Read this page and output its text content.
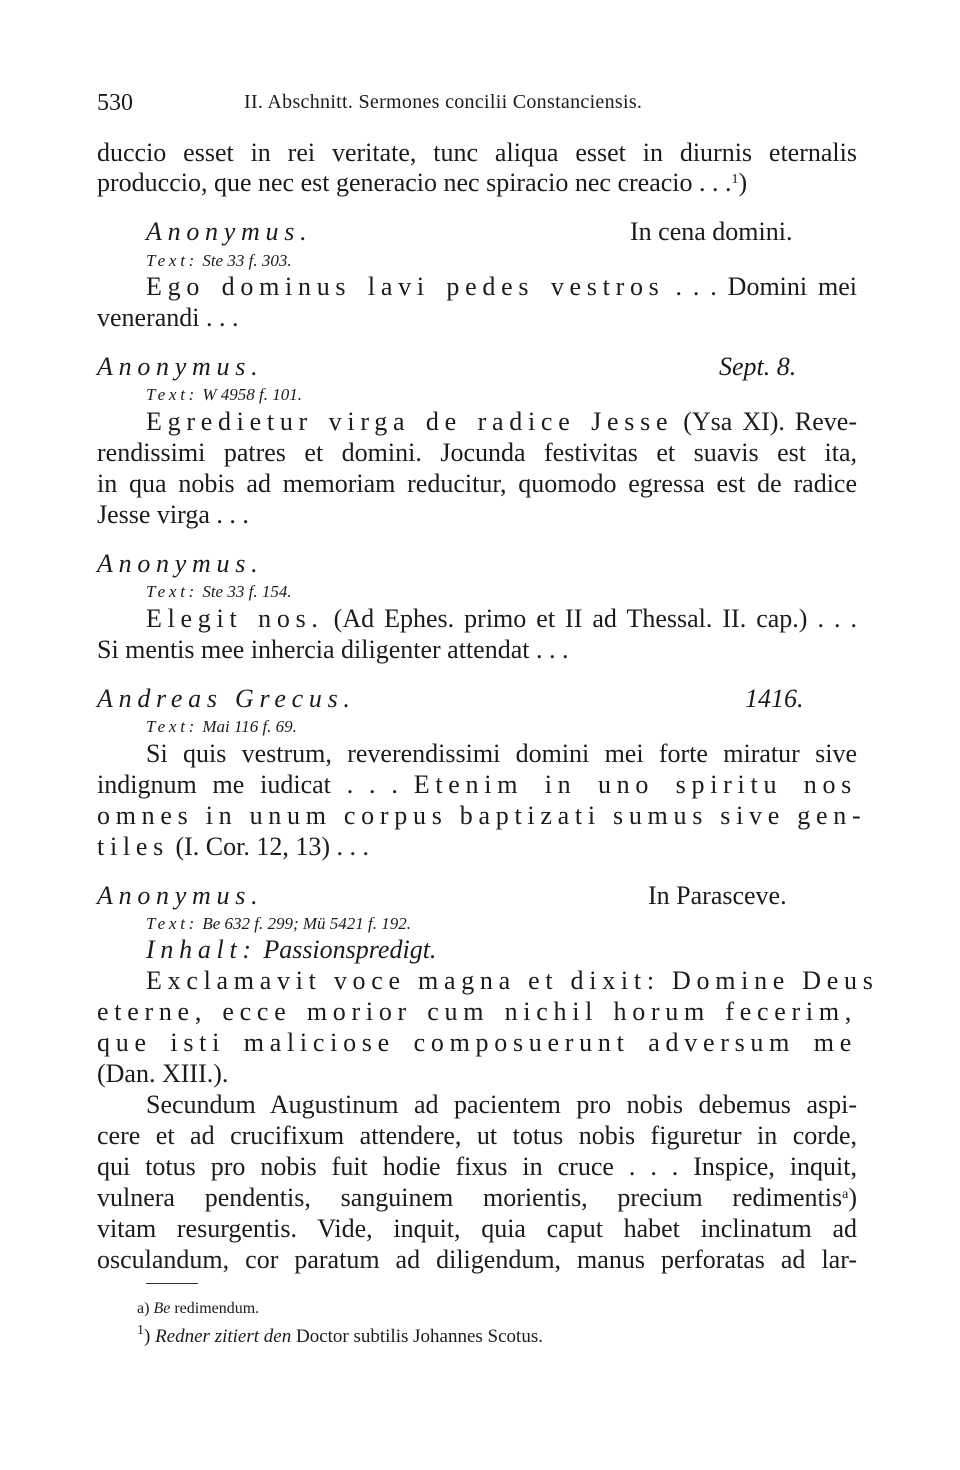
530	II. Abschnitt. Sermones concilii Constanciensis.
duccio esset in rei veritate, tunc aliqua esset in diurnis eternalis
produccio, que nec est generacio nec spiracio nec creacio . . .$^1$)
Anonymus.	In cena domini.
Text: Ste 33 f. 303.
Ego dominus lavi pedes vestros . . . Domini mei
venerandi . . .
Anonymus.	Sept. 8.
Text: W 4958 f. 101.
Egredietur virga de radice Jesse (Ysa XI). Reve-
rendissimi patres et domini. Jocunda festivitas et suavis est ita,
in qua nobis ad memoriam reducitur, quomodo egressa est de radice
Jesse virga . . .
Anonymus.
Text: Ste 33 f. 154.
Elegit nos. (Ad Ephes. primo et II ad Thessal. II. cap.) . . .
Si mentis mee inhercia diligenter attendat . . .
Andreas Grecus.	1416.
Text: Mai 116 f. 69.
Si quis vestrum, reverendissimi domini mei forte miratur sive
indignum me iudicat . . . Etenim in uno spiritu nos
omnes in unum corpus baptizati sumus sive gen-
tiles (I. Cor. 12, 13) . . .
Anonymus.	In Parasceve.
Text: Be 632 f. 299; Mü 5421 f. 192.
Inhalt: Passionspredigt.
Exclamavit voce magna et dixit: Domine Deus
eterne, ecce morior cum nichil horum fecerim,
que isti maliciose composuerunt adversum me
(Dan. XIII.).
Secundum Augustinum ad pacientem pro nobis debemus aspi-
cere et ad crucifixum attendere, ut totus nobis figuretur in corde,
qui totus pro nobis fuit hodie fixus in cruce . . . Inspice, inquit,
vulnera pendentis, sanguinem morientis, precium redimentis$^a$)
vitam resurgentis. Vide, inquit, quia caput habet inclinatum ad
osculandum, cor paratum ad diligendum, manus perforatas ad lar-
a) Be redimendum.
$^1$) Redner zitiert den Doctor subtilis Johannes Scotus.
